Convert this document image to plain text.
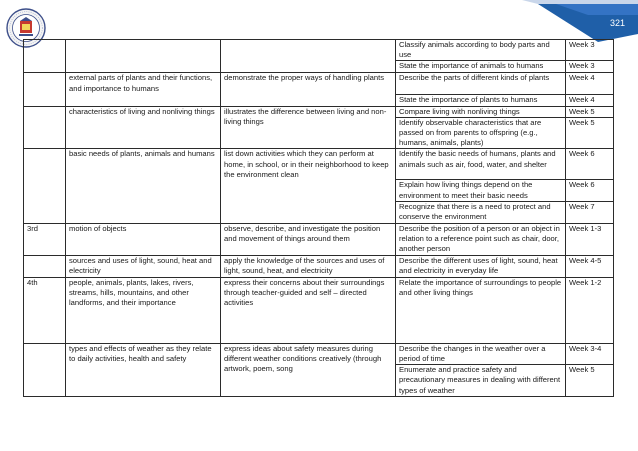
321
			Classify animals according to body parts and use	Week 3
			State the importance of animals to humans	Week 3
	external parts of plants and their functions, and importance to humans	demonstrate the proper ways of handling plants	Describe the parts of different kinds of plants	Week 4
			State the importance of plants to humans	Week 4
	characteristics of living and nonliving things	illustrates the difference between living and non-living things	Compare living with nonliving things	Week 5
			Identify observable characteristics that are passed on from parents to offspring (e.g., humans, animals, plants)	Week 5
	basic needs of plants, animals and humans	list down activities which they can perform at home, in school, or in their neighborhood to keep the environment clean	Identify the basic needs of humans, plants and animals such as air, food, water, and shelter	Week 6
			Explain how living things depend on the environment to meet their basic needs	Week 6
			Recognize that there is a need to protect and conserve the environment	Week 7
3rd	motion of objects	observe, describe, and investigate the position and movement of things around them	Describe the position of a person or an object in relation to a reference point such as chair, door, another person	Week 1-3
	sources and uses of light, sound, heat and electricity	apply the knowledge of the sources and uses of light, sound, heat, and electricity	Describe the different uses of light, sound, heat and electricity in everyday life	Week 4-5
4th	people, animals, plants, lakes, rivers, streams, hills, mountains, and other landforms, and their importance	express their concerns about their surroundings through teacher-guided and self – directed activities	Relate the importance of surroundings to people and other living things	Week 1-2
	types and effects of weather as they relate to daily activities, health and safety	express ideas about safety measures during different weather conditions creatively (through artwork, poem, song	Describe the changes in the weather over a period of time	Week 3-4
			Enumerate and practice safety and precautionary measures in dealing with different types of weather	Week 5
